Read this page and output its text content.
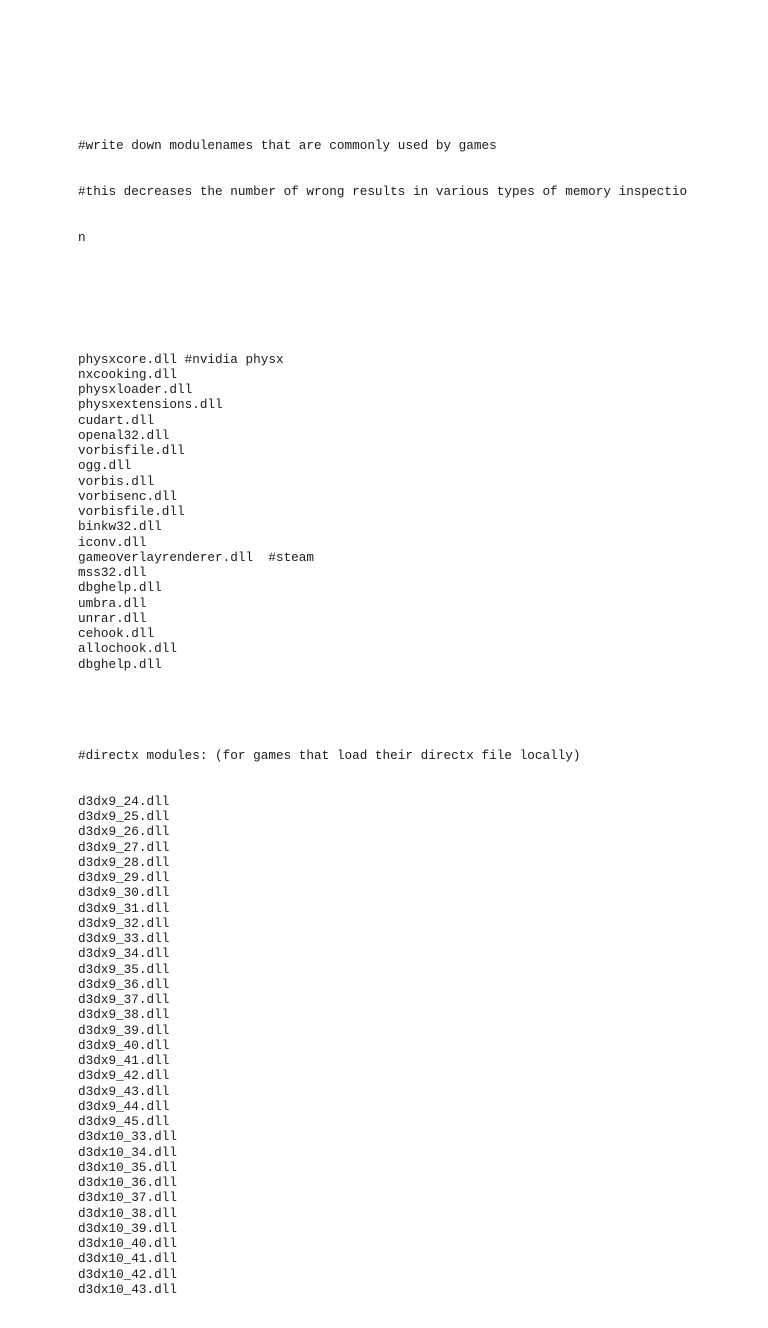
#write down modulenames that are commonly used by games

#this decreases the number of wrong results in various types of memory inspectio

n

physxcore.dll #nvidia physx
nxcooking.dll
physxloader.dll
physxextensions.dll
cudart.dll
openal32.dll
vorbisfile.dll
ogg.dll
vorbis.dll
vorbisenc.dll
vorbisfile.dll
binkw32.dll
iconv.dll
gameoverlayrenderer.dll  #steam
mss32.dll
dbghelp.dll
umbra.dll
unrar.dll
cehook.dll
allochook.dll
dbghelp.dll

#directx modules: (for games that load their directx file locally)

d3dx9_24.dll
d3dx9_25.dll
d3dx9_26.dll
d3dx9_27.dll
d3dx9_28.dll
d3dx9_29.dll
d3dx9_30.dll
d3dx9_31.dll
d3dx9_32.dll
d3dx9_33.dll
d3dx9_34.dll
d3dx9_35.dll
d3dx9_36.dll
d3dx9_37.dll
d3dx9_38.dll
d3dx9_39.dll
d3dx9_40.dll
d3dx9_41.dll
d3dx9_42.dll
d3dx9_43.dll
d3dx9_44.dll
d3dx9_45.dll
d3dx10_33.dll
d3dx10_34.dll
d3dx10_35.dll
d3dx10_36.dll
d3dx10_37.dll
d3dx10_38.dll
d3dx10_39.dll
d3dx10_40.dll
d3dx10_41.dll
d3dx10_42.dll
d3dx10_43.dll
